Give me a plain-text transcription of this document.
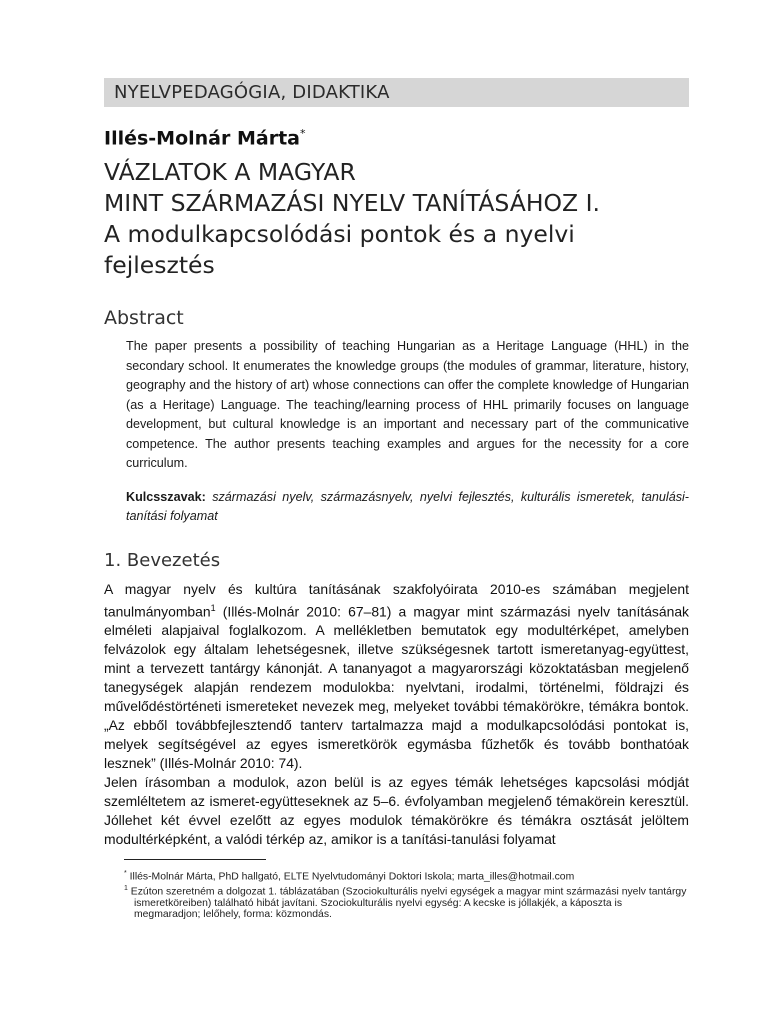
NYELVPEDAGÓGIA, DIDAKTIKA
Illés-Molnár Márta*
VÁZLATOK A MAGYAR
MINT SZÁRMAZÁSI NYELV TANÍTÁSÁHOZ I.
A modulkapcsolódási pontok és a nyelvi fejlesztés
Abstract
The paper presents a possibility of teaching Hungarian as a Heritage Language (HHL) in the secondary school. It enumerates the knowledge groups (the modules of grammar, literature, history, geography and the history of art) whose connections can offer the complete knowledge of Hungarian (as a Heritage) Language. The teaching/learning process of HHL primarily focuses on language development, but cultural knowledge is an important and necessary part of the communicative competence. The author presents teaching examples and argues for the necessity for a core curriculum.
Kulcsszavak: származási nyelv, származásnyelv, nyelvi fejlesztés, kulturális ismeretek, tanulási-tanítási folyamat
1. Bevezetés

A magyar nyelv és kultúra tanításának szakfolyóirata 2010-es számában megjelent tanulmányomban$^1$ (Illés-Molnár 2010: 67–81) a magyar mint származási nyelv tanításának elméleti alapjaival foglalkozom. A mellékletben bemutatok egy modultérképet, amelyben felvázolok egy általam lehetségesnek, illetve szükségesnek tartott ismeretanyag-együttest, mint a tervezett tantárgy kánonját. A tananyagot a magyarországi közoktatásban megjelenő tanegységek alapján rendezem modulokba: nyelvtani, irodalmi, történelmi, földrajzi és művelődéstörténeti ismereteket nevezek meg, melyeket további témakörökre, témákra bontok. „Az ebből továbbfejlesztendő tanterv tartalmazza majd a modulkapcsolódási pontokat is, melyek segítségével az egyes ismeretkörök egymásba fűzhetők és tovább bonthatóak lesznek” (Illés-Molnár 2010: 74).

Jelen írásomban a modulok, azon belül is az egyes témák lehetséges kapcsolási módját szemléltetem az ismeret-együtteseknek az 5–6. évfolyamban megjelenő témakörein keresztül. Jóllehet két évvel ezelőtt az egyes modulok témakörökre és témákra osztását jelöltem modultérképként, a valódi térkép az, amikor is a tanítási-tanulási folyamat

* Illés-Molnár Márta, PhD hallgató, ELTE Nyelvtudományi Doktori Iskola; marta_illes@hotmail.com
$^1$ Ezúton szeretném a dolgozat 1. táblázatában (Szociokulturális nyelvi egységek a magyar mint származási nyelv tantárgy ismeretköreiben) található hibát javítani. Szociokulturális nyelvi egység: A kecske is jóllakjék, a káposzta is megmaradjon; lelőhely, forma: közmondás.
